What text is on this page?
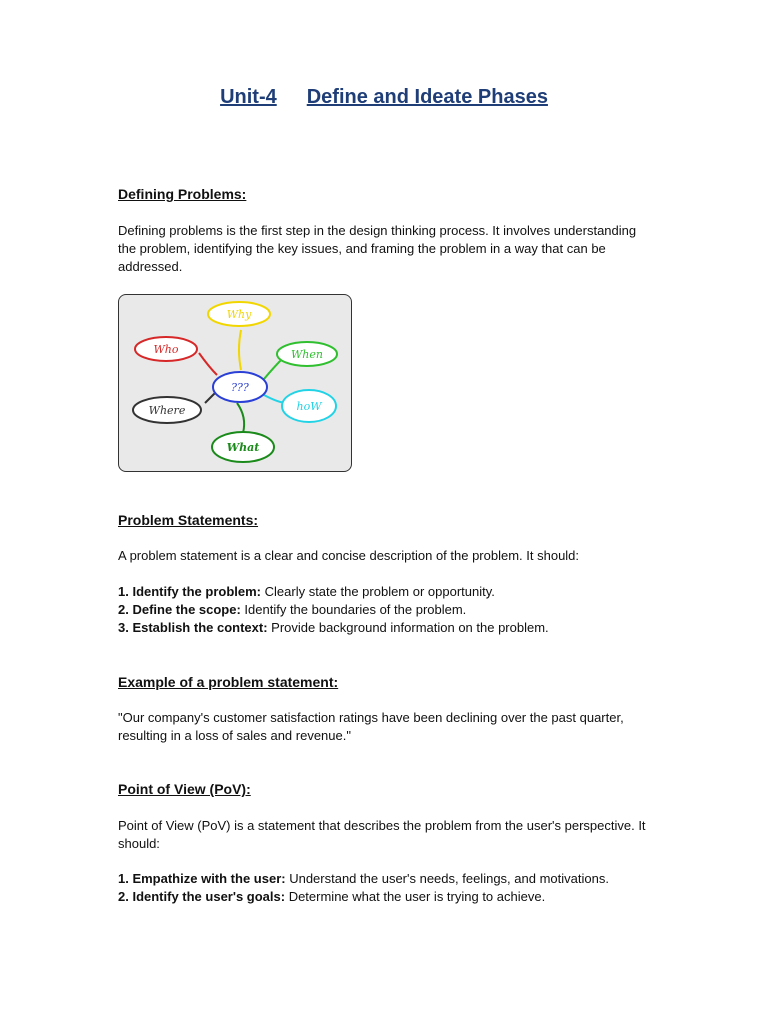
Unit-4 Define and Ideate Phases
Defining Problems:
Defining problems is the first step in the design thinking process. It involves understanding
the problem, identifying the key issues, and framing the problem in a way that can be
addressed.
Why
Who	When
???
Where	hoW
What
Problem Statements:
A problem statement is a clear and concise description of the problem. It should:
1. Identify the problem: Clearly state the problem or opportunity.
2. Define the scope: Identify the boundaries of the problem.
3. Establish the context: Provide background information on the problem.
Example of a problem statement:
"Our company's customer satisfaction ratings have been declining over the past quarter,
resulting in a loss of sales and revenue."
Point of View (PoV):
Point of View (PoV) is a statement that describes the problem from the user's perspective. It
should:
1. Empathize with the user: Understand the user's needs, feelings, and motivations.
2. Identify the user's goals: Determine what the user is trying to achieve.
